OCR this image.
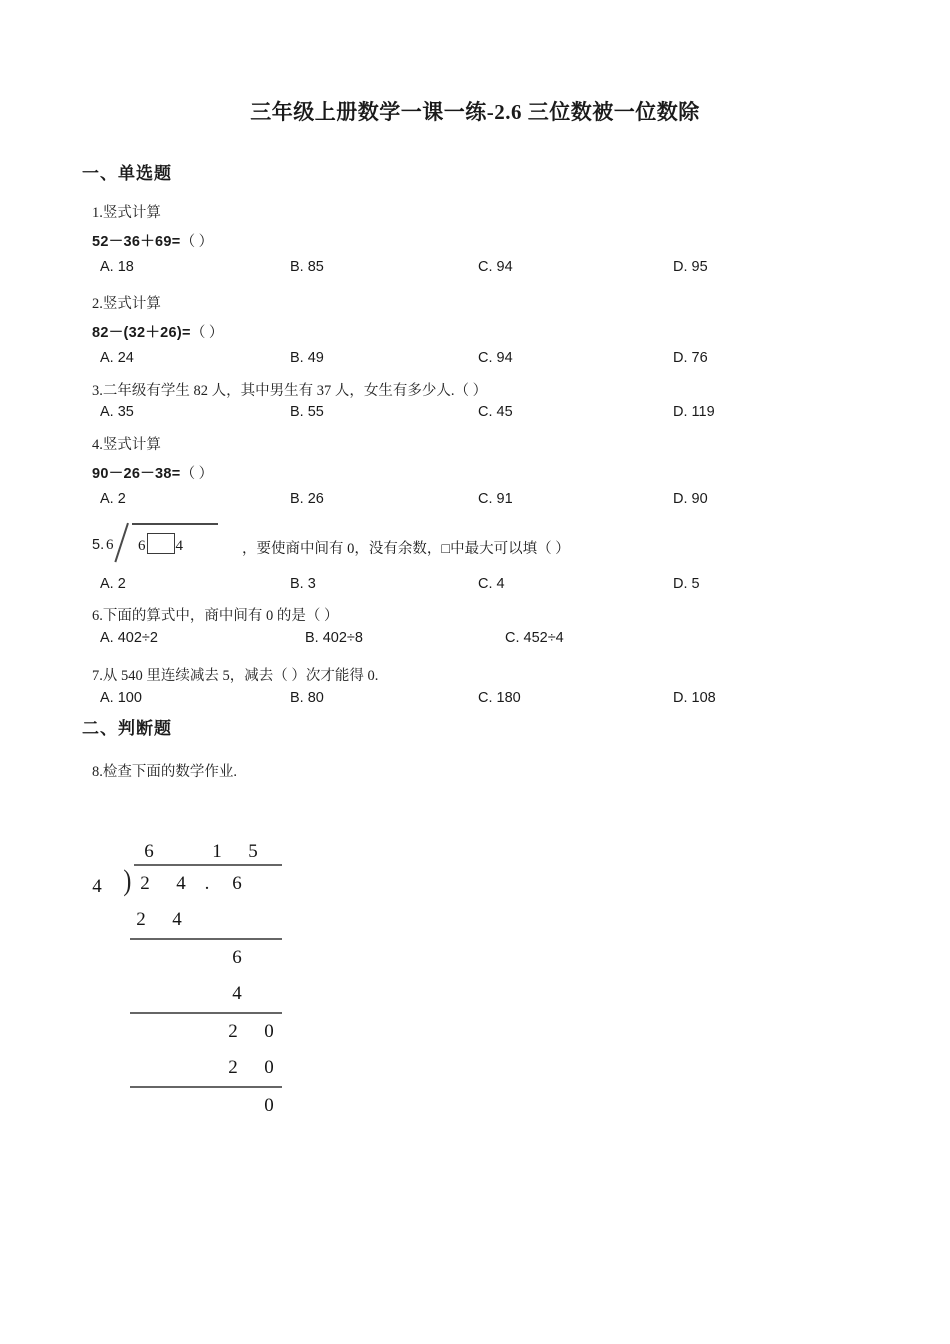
三年级上册数学一课一练-2.6 三位数被一位数除
一、单选题
1.竖式计算
52－36＋69=（ ）
A. 18	B. 85	C. 94	D. 95
2.竖式计算
82－(32＋26)=（ ）
A. 24	B. 49	C. 94	D. 76
3.二年级有学生 82 人，其中男生有 37 人，女生有多少人.（ ）
A. 35	B. 55	C. 45	D. 119
4.竖式计算
90－26－38=（ ）
A. 2	B. 26	C. 91	D. 90
5. 6 6 4	，要使商中间有 0，没有余数，□中最大可以填（ ）
A. 2	B. 3	C. 4	D. 5
6.下面的算式中，商中间有 0 的是（ ）
A. 402÷2	B. 402÷8	C. 452÷4
7.从 540 里连续减去 5，减去（ ）次才能得 0.
A. 100	B. 80	C. 180	D. 108
二、判断题
8.检查下面的数学作业.
4 )
6	1	5
2	4 .	6
2	4
6
4
2	0
2	0
0
